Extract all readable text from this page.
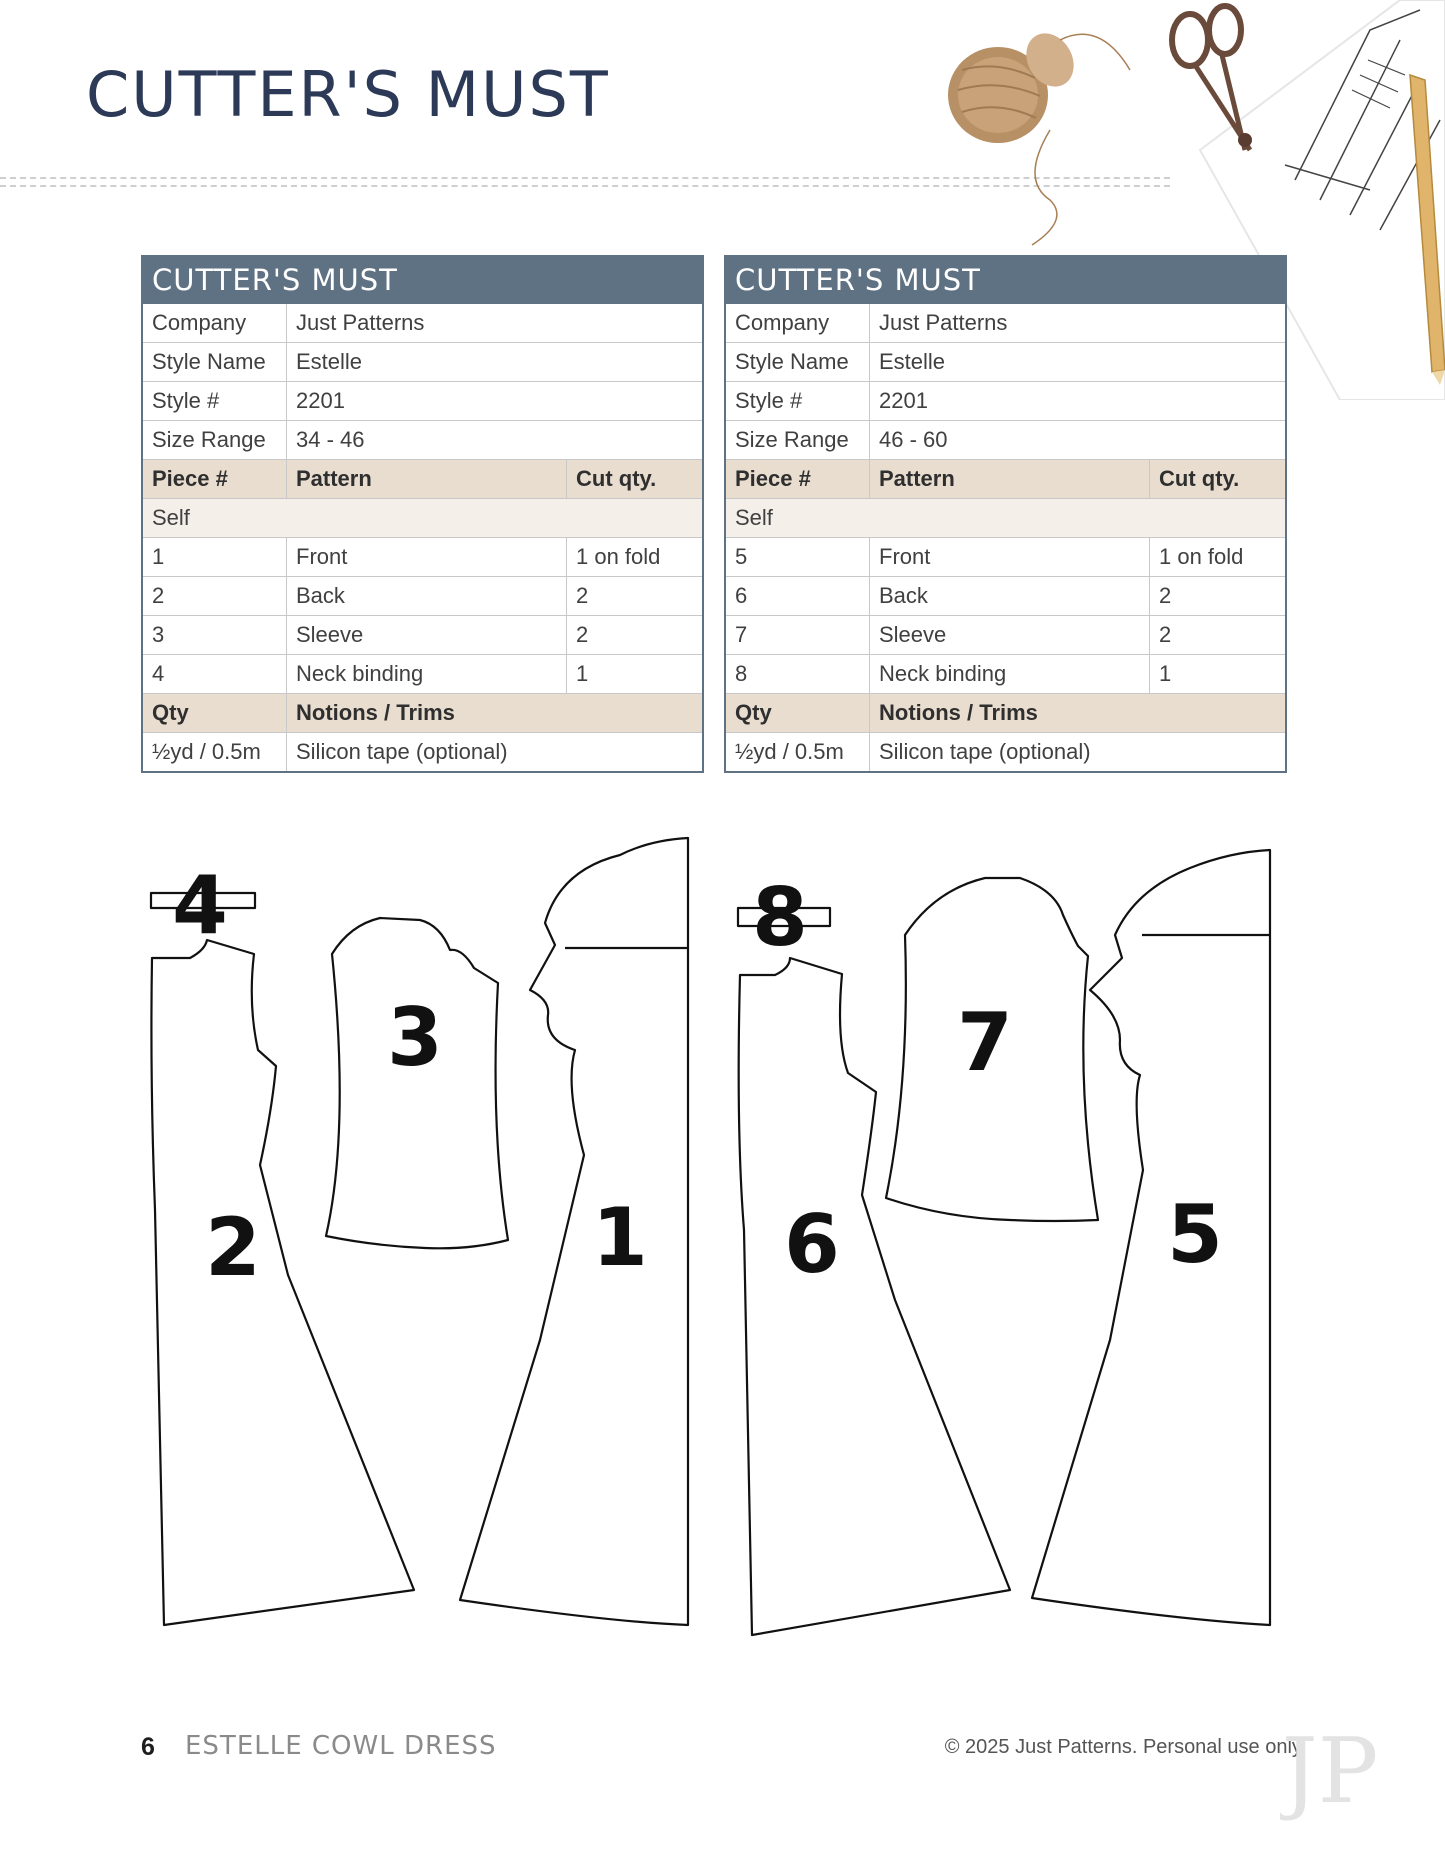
CUTTER'S MUST
CUTTER'S MUST		
Company	Just Patterns	
Style Name	Estelle	
Style #	2201	
Size Range	34 - 46	
Piece #	Pattern	Cut qty.
Self		
1	Front	1 on fold
2	Back	2
3	Sleeve	2
4	Neck binding	1
Qty	Notions / Trims	
½yd / 0.5m	Silicon tape (optional)	
CUTTER'S MUST		
Company	Just Patterns	
Style Name	Estelle	
Style #	2201	
Size Range	46 - 60	
Piece #	Pattern	Cut qty.
Self		
5	Front	1 on fold
6	Back	2
7	Sleeve	2
8	Neck binding	1
Qty	Notions / Trims	
½yd / 0.5m	Silicon tape (optional)	
4
2
3
1
8
6
7
5
6 ESTELLE COWL DRESS	© 2025 Just Patterns. Personal use only.
JP
